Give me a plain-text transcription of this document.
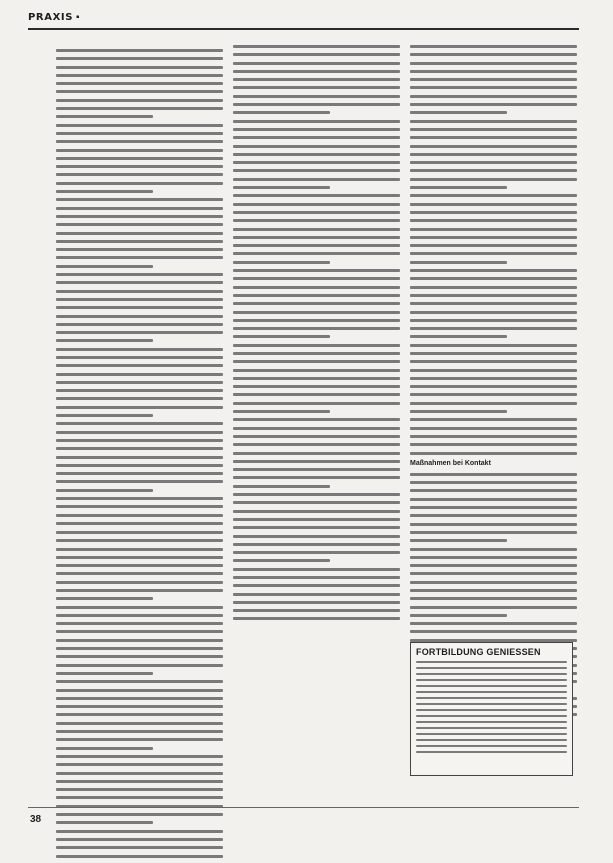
PRAXIS ▪
Maßnahmen bei Kontakt
FORTBILDUNG GENIESSEN
38
